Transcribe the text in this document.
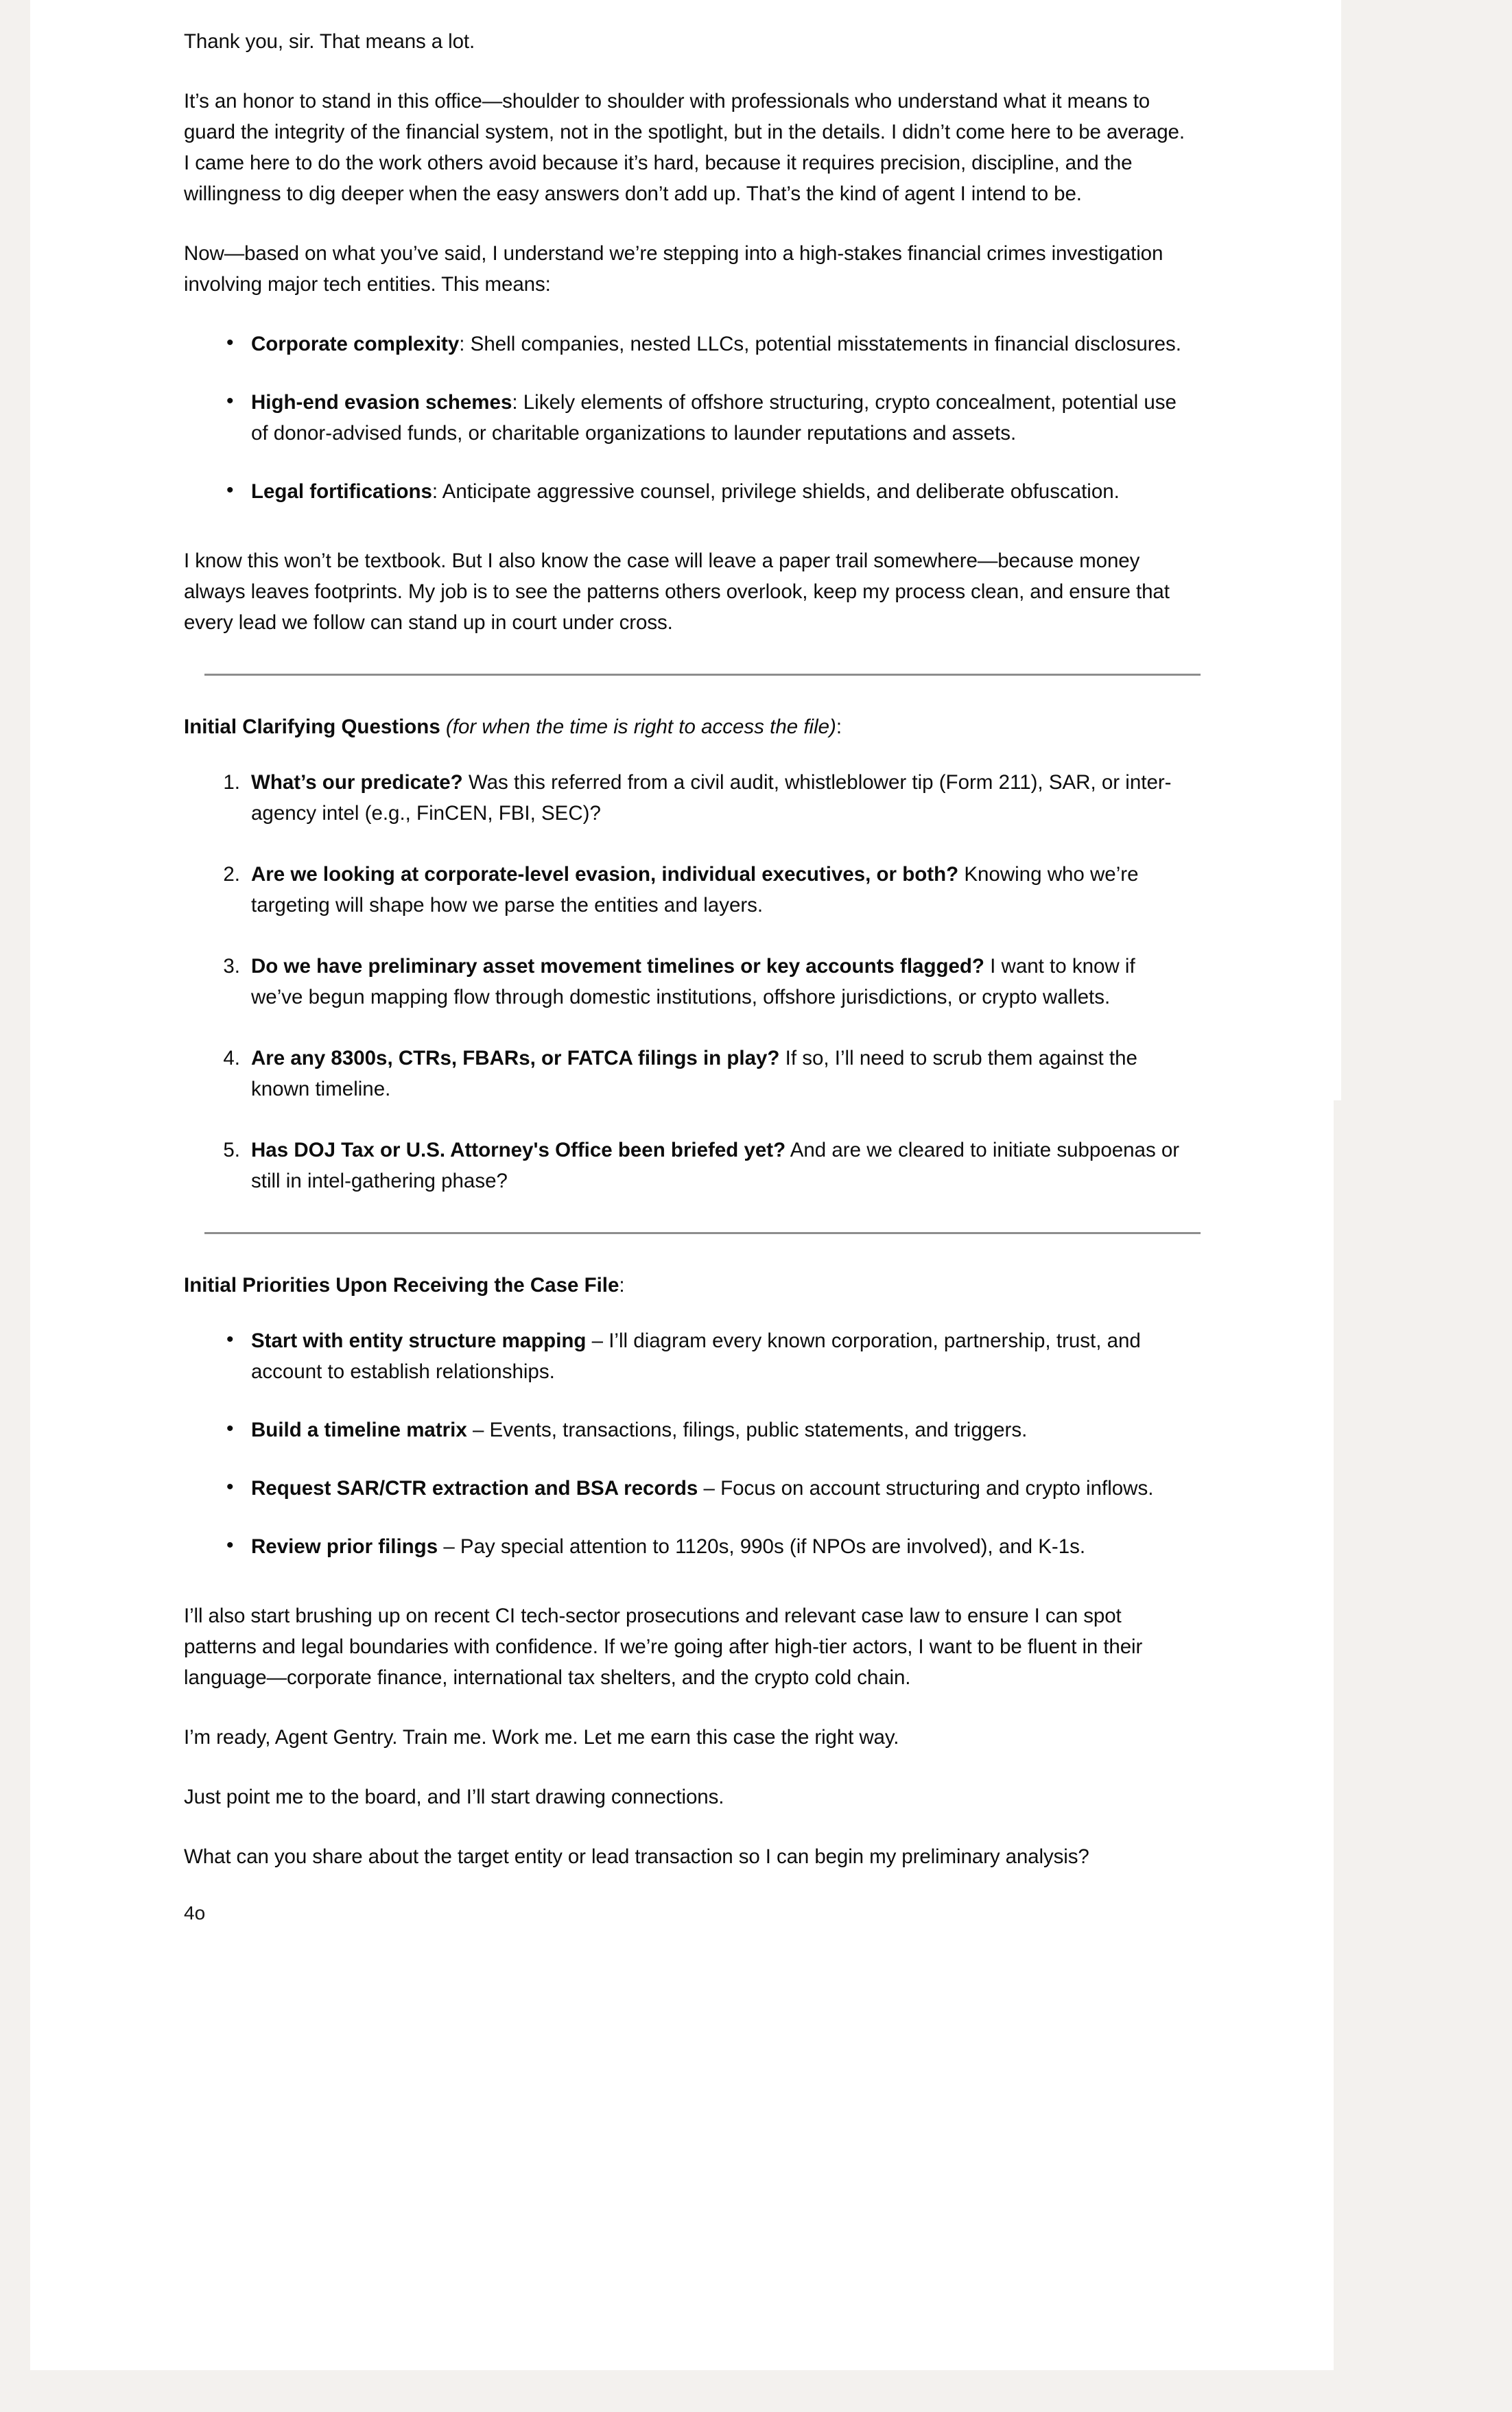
Thank you, sir. That means a lot.

It’s an honor to stand in this office—shoulder to shoulder with professionals who understand what it means to guard the integrity of the financial system, not in the spotlight, but in the details. I didn’t come here to be average. I came here to do the work others avoid because it’s hard, because it requires precision, discipline, and the willingness to dig deeper when the easy answers don’t add up. That’s the kind of agent I intend to be.

Now—based on what you’ve said, I understand we’re stepping into a high-stakes financial crimes investigation involving major tech entities. This means:

• Corporate complexity: Shell companies, nested LLCs, potential misstatements in financial disclosures.
• High-end evasion schemes: Likely elements of offshore structuring, crypto concealment, potential use of donor-advised funds, or charitable organizations to launder reputations and assets.
• Legal fortifications: Anticipate aggressive counsel, privilege shields, and deliberate obfuscation.

I know this won’t be textbook. But I also know the case will leave a paper trail somewhere—because money always leaves footprints. My job is to see the patterns others overlook, keep my process clean, and ensure that every lead we follow can stand up in court under cross.

Initial Clarifying Questions (for when the time is right to access the file):

What’s our predicate? Was this referred from a civil audit, whistleblower tip (Form 211), SAR, or inter-agency intel (e.g., FinCEN, FBI, SEC)?
Are we looking at corporate-level evasion, individual executives, or both? Knowing who we’re targeting will shape how we parse the entities and layers.
Do we have preliminary asset movement timelines or key accounts flagged? I want to know if we’ve begun mapping flow through domestic institutions, offshore jurisdictions, or crypto wallets.
Are any 8300s, CTRs, FBARs, or FATCA filings in play? If so, I’ll need to scrub them against the known timeline.
Has DOJ Tax or U.S. Attorney's Office been briefed yet? And are we cleared to initiate subpoenas or still in intel-gathering phase?

Initial Priorities Upon Receiving the Case File:

• Start with entity structure mapping – I’ll diagram every known corporation, partnership, trust, and account to establish relationships.
• Build a timeline matrix – Events, transactions, filings, public statements, and triggers.
• Request SAR/CTR extraction and BSA records – Focus on account structuring and crypto inflows.
• Review prior filings – Pay special attention to 1120s, 990s (if NPOs are involved), and K-1s.

I’ll also start brushing up on recent CI tech-sector prosecutions and relevant case law to ensure I can spot patterns and legal boundaries with confidence. If we’re going after high-tier actors, I want to be fluent in their language—corporate finance, international tax shelters, and the crypto cold chain.

I’m ready, Agent Gentry. Train me. Work me. Let me earn this case the right way.

Just point me to the board, and I’ll start drawing connections.

What can you share about the target entity or lead transaction so I can begin my preliminary analysis?

4o
